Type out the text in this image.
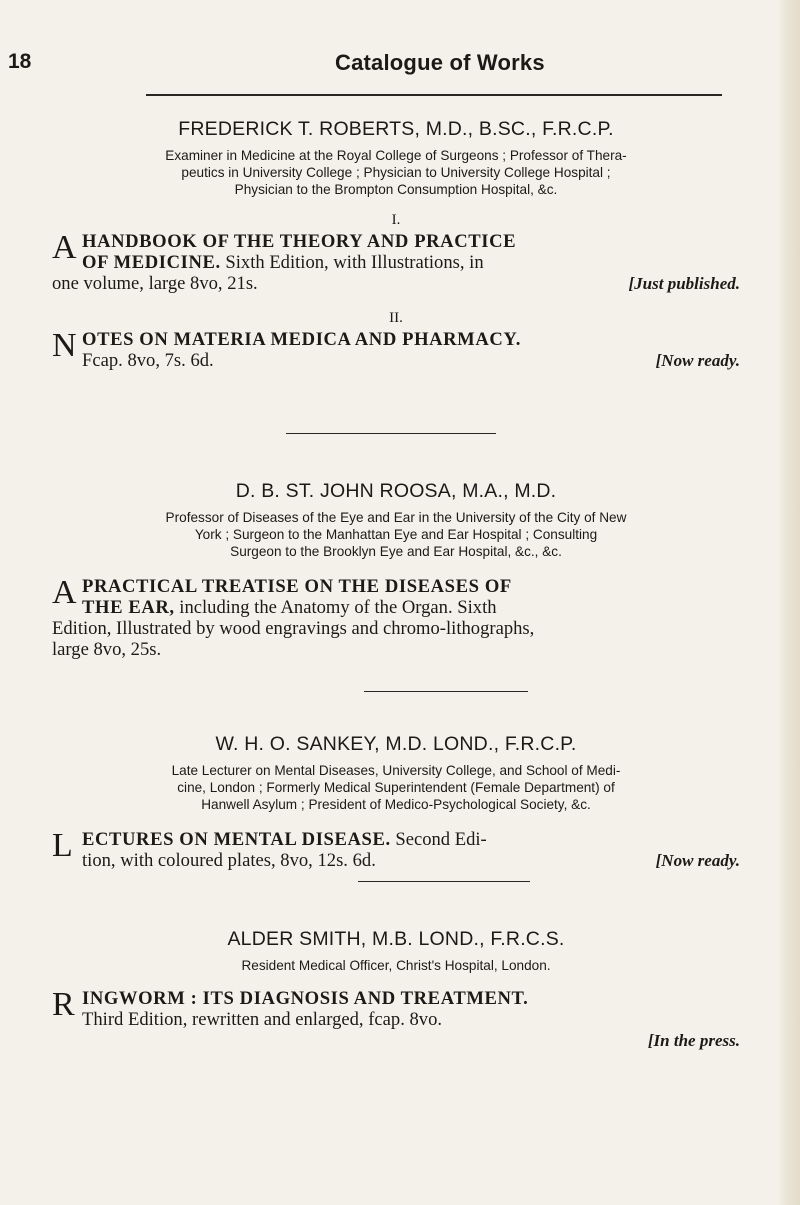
18	Catalogue of Works
FREDERICK T. ROBERTS, M.D., B.SC., F.R.C.P.
Examiner in Medicine at the Royal College of Surgeons ; Professor of Thera-
peutics in University College ; Physician to University College Hospital ;
Physician to the Brompton Consumption Hospital, &c.
I.
A HANDBOOK OF THE THEORY AND PRACTICE
OF MEDICINE. Sixth Edition, with Illustrations, in
one volume, large 8vo, 21s.	[Just published.
II.
N OTES ON MATERIA MEDICA AND PHARMACY.
Fcap. 8vo, 7s. 6d.	[Now ready.
D. B. ST. JOHN ROOSA, M.A., M.D.
Professor of Diseases of the Eye and Ear in the University of the City of New
York ; Surgeon to the Manhattan Eye and Ear Hospital ; Consulting
Surgeon to the Brooklyn Eye and Ear Hospital, &c., &c.
A PRACTICAL TREATISE ON THE DISEASES OF
THE EAR, including the Anatomy of the Organ. Sixth
Edition, Illustrated by wood engravings and chromo-lithographs,
large 8vo, 25s.
W. H. O. SANKEY, M.D. LOND., F.R.C.P.
Late Lecturer on Mental Diseases, University College, and School of Medi-
cine, London ; Formerly Medical Superintendent (Female Department) of
Hanwell Asylum ; President of Medico-Psychological Society, &c.
L ECTURES ON MENTAL DISEASE. Second Edi-
tion, with coloured plates, 8vo, 12s. 6d.	[Now ready.
ALDER SMITH, M.B. LOND., F.R.C.S.
Resident Medical Officer, Christ's Hospital, London.
R INGWORM : ITS DIAGNOSIS AND TREATMENT.
Third Edition, rewritten and enlarged, fcap. 8vo.
[In the press.
